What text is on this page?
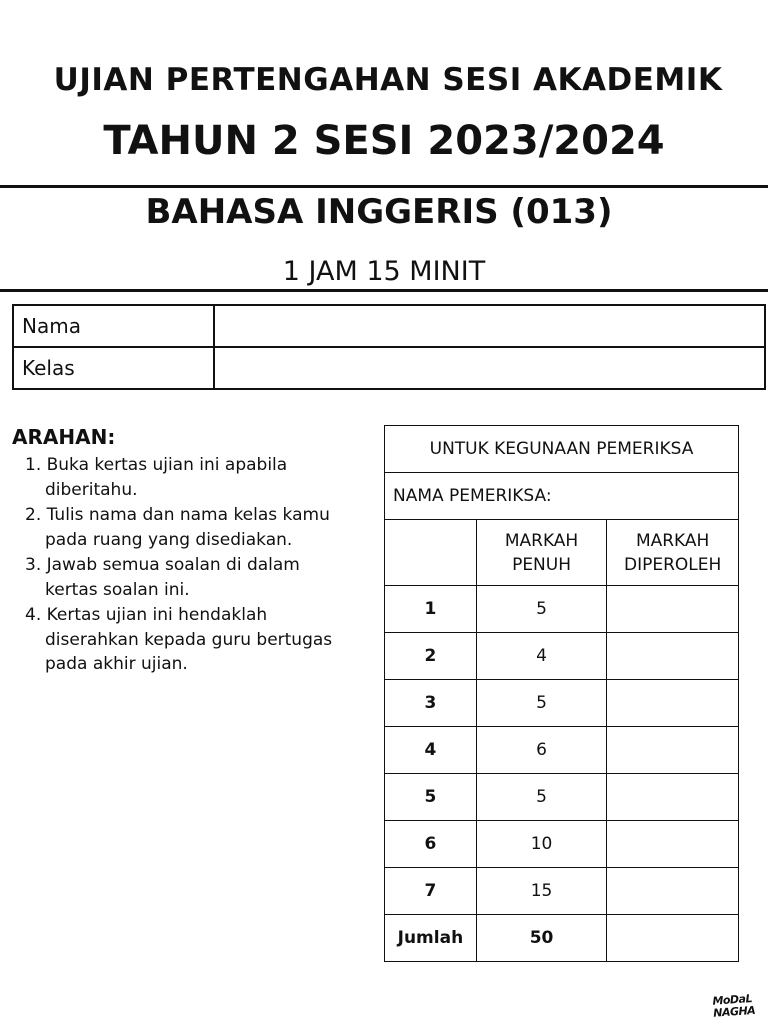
UJIAN PERTENGAHAN SESI AKADEMIK
TAHUN 2 SESI 2023/2024
BAHASA INGGERIS (013)
1 JAM 15 MINIT
Nama	
Kelas	
ARAHAN:
1. Buka kertas ujian ini apabila diberitahu.
2. Tulis nama dan nama kelas kamu pada ruang yang disediakan.
3. Jawab semua soalan di dalam kertas soalan ini.
4. Kertas ujian ini hendaklah diserahkan kepada guru bertugas pada akhir ujian.
UNTUK KEGUNAAN PEMERIKSA		
NAMA PEMERIKSA:		
	MARKAH PENUH	MARKAH DIPEROLEH
1	5	
2	4	
3	5	
4	6	
5	5	
6	10	
7	15	
Jumlah	50	
MoDaL
NAGHA
